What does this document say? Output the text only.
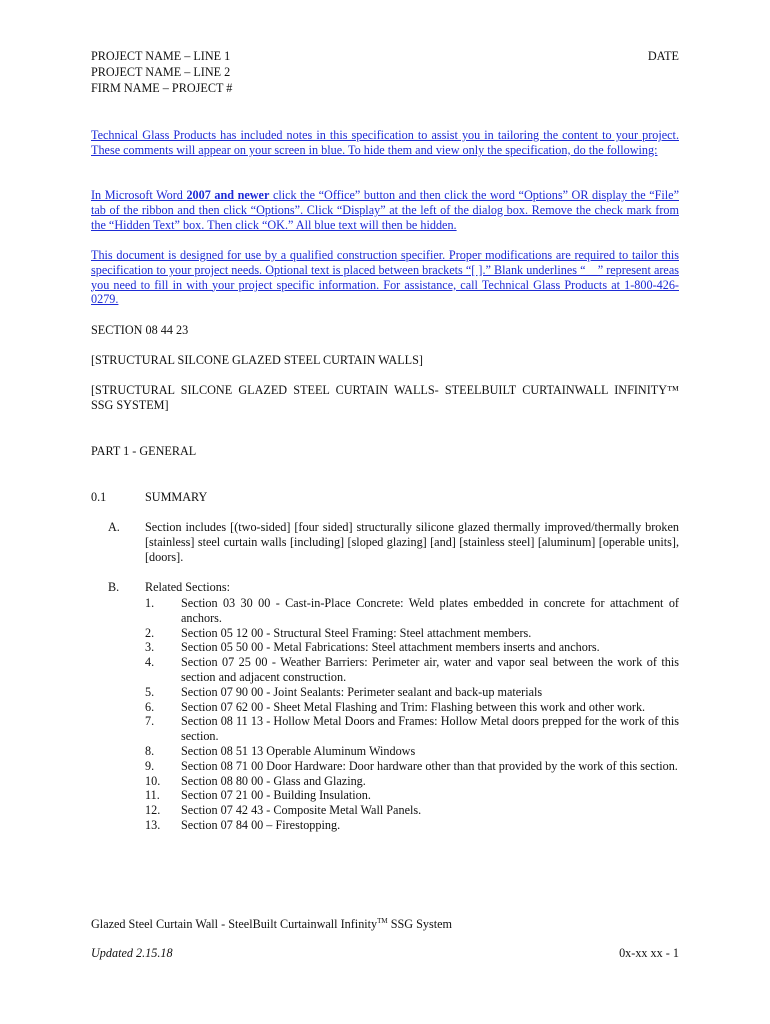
PROJECT NAME – LINE 1
PROJECT NAME – LINE 2
FIRM NAME – PROJECT #
DATE
Technical Glass Products has included notes in this specification to assist you in tailoring the content to your project. These comments will appear on your screen in blue. To hide them and view only the specification, do the following:
In Microsoft Word 2007 and newer click the “Office” button and then click the word “Options” OR display the “File” tab of the ribbon and then click “Options”. Click “Display” at the left of the dialog box. Remove the check mark from the “Hidden Text” box. Then click “OK.” All blue text will then be hidden.
This document is designed for use by a qualified construction specifier. Proper modifications are required to tailor this specification to your project needs. Optional text is placed between brackets “[ ].” Blank underlines “__” represent areas you need to fill in with your project specific information. For assistance, call Technical Glass Products at 1-800-426-0279.
SECTION 08 44 23
[STRUCTURAL SILCONE GLAZED STEEL CURTAIN WALLS]
[STRUCTURAL SILCONE GLAZED STEEL CURTAIN WALLS- STEELBUILT CURTAINWALL INFINITY™ SSG SYSTEM]
PART 1 - GENERAL
0.1	SUMMARY
A. Section includes [(two-sided] [four sided] structurally silicone glazed thermally improved/thermally broken [stainless] steel curtain walls [including] [sloped glazing] [and] [stainless steel] [aluminum] [operable units], [doors].
B. Related Sections:
1.	Section 03 30 00 - Cast-in-Place Concrete: Weld plates embedded in concrete for attachment of anchors.
2.	Section 05 12 00 - Structural Steel Framing: Steel attachment members.
3.	Section 05 50 00 - Metal Fabrications: Steel attachment members inserts and anchors.
4.	Section 07 25 00 - Weather Barriers: Perimeter air, water and vapor seal between the work of this section and adjacent construction.
5.	Section 07 90 00 - Joint Sealants: Perimeter sealant and back-up materials
6.	Section 07 62 00 - Sheet Metal Flashing and Trim: Flashing between this work and other work.
7.	Section 08 11 13 - Hollow Metal Doors and Frames: Hollow Metal doors prepped for the work of this section.
8.	Section 08 51 13 Operable Aluminum Windows
9.	Section 08 71 00 Door Hardware: Door hardware other than that provided by the work of this section.
10.	Section 08 80 00 - Glass and Glazing.
11.	Section 07 21 00 - Building Insulation.
12.	Section 07 42 43 - Composite Metal Wall Panels.
13.	Section 07 84 00 – Firestopping.
Glazed Steel Curtain Wall - SteelBuilt Curtainwall Infinity™ SSG System
Updated 2.15.18	0x-xx xx - 1
